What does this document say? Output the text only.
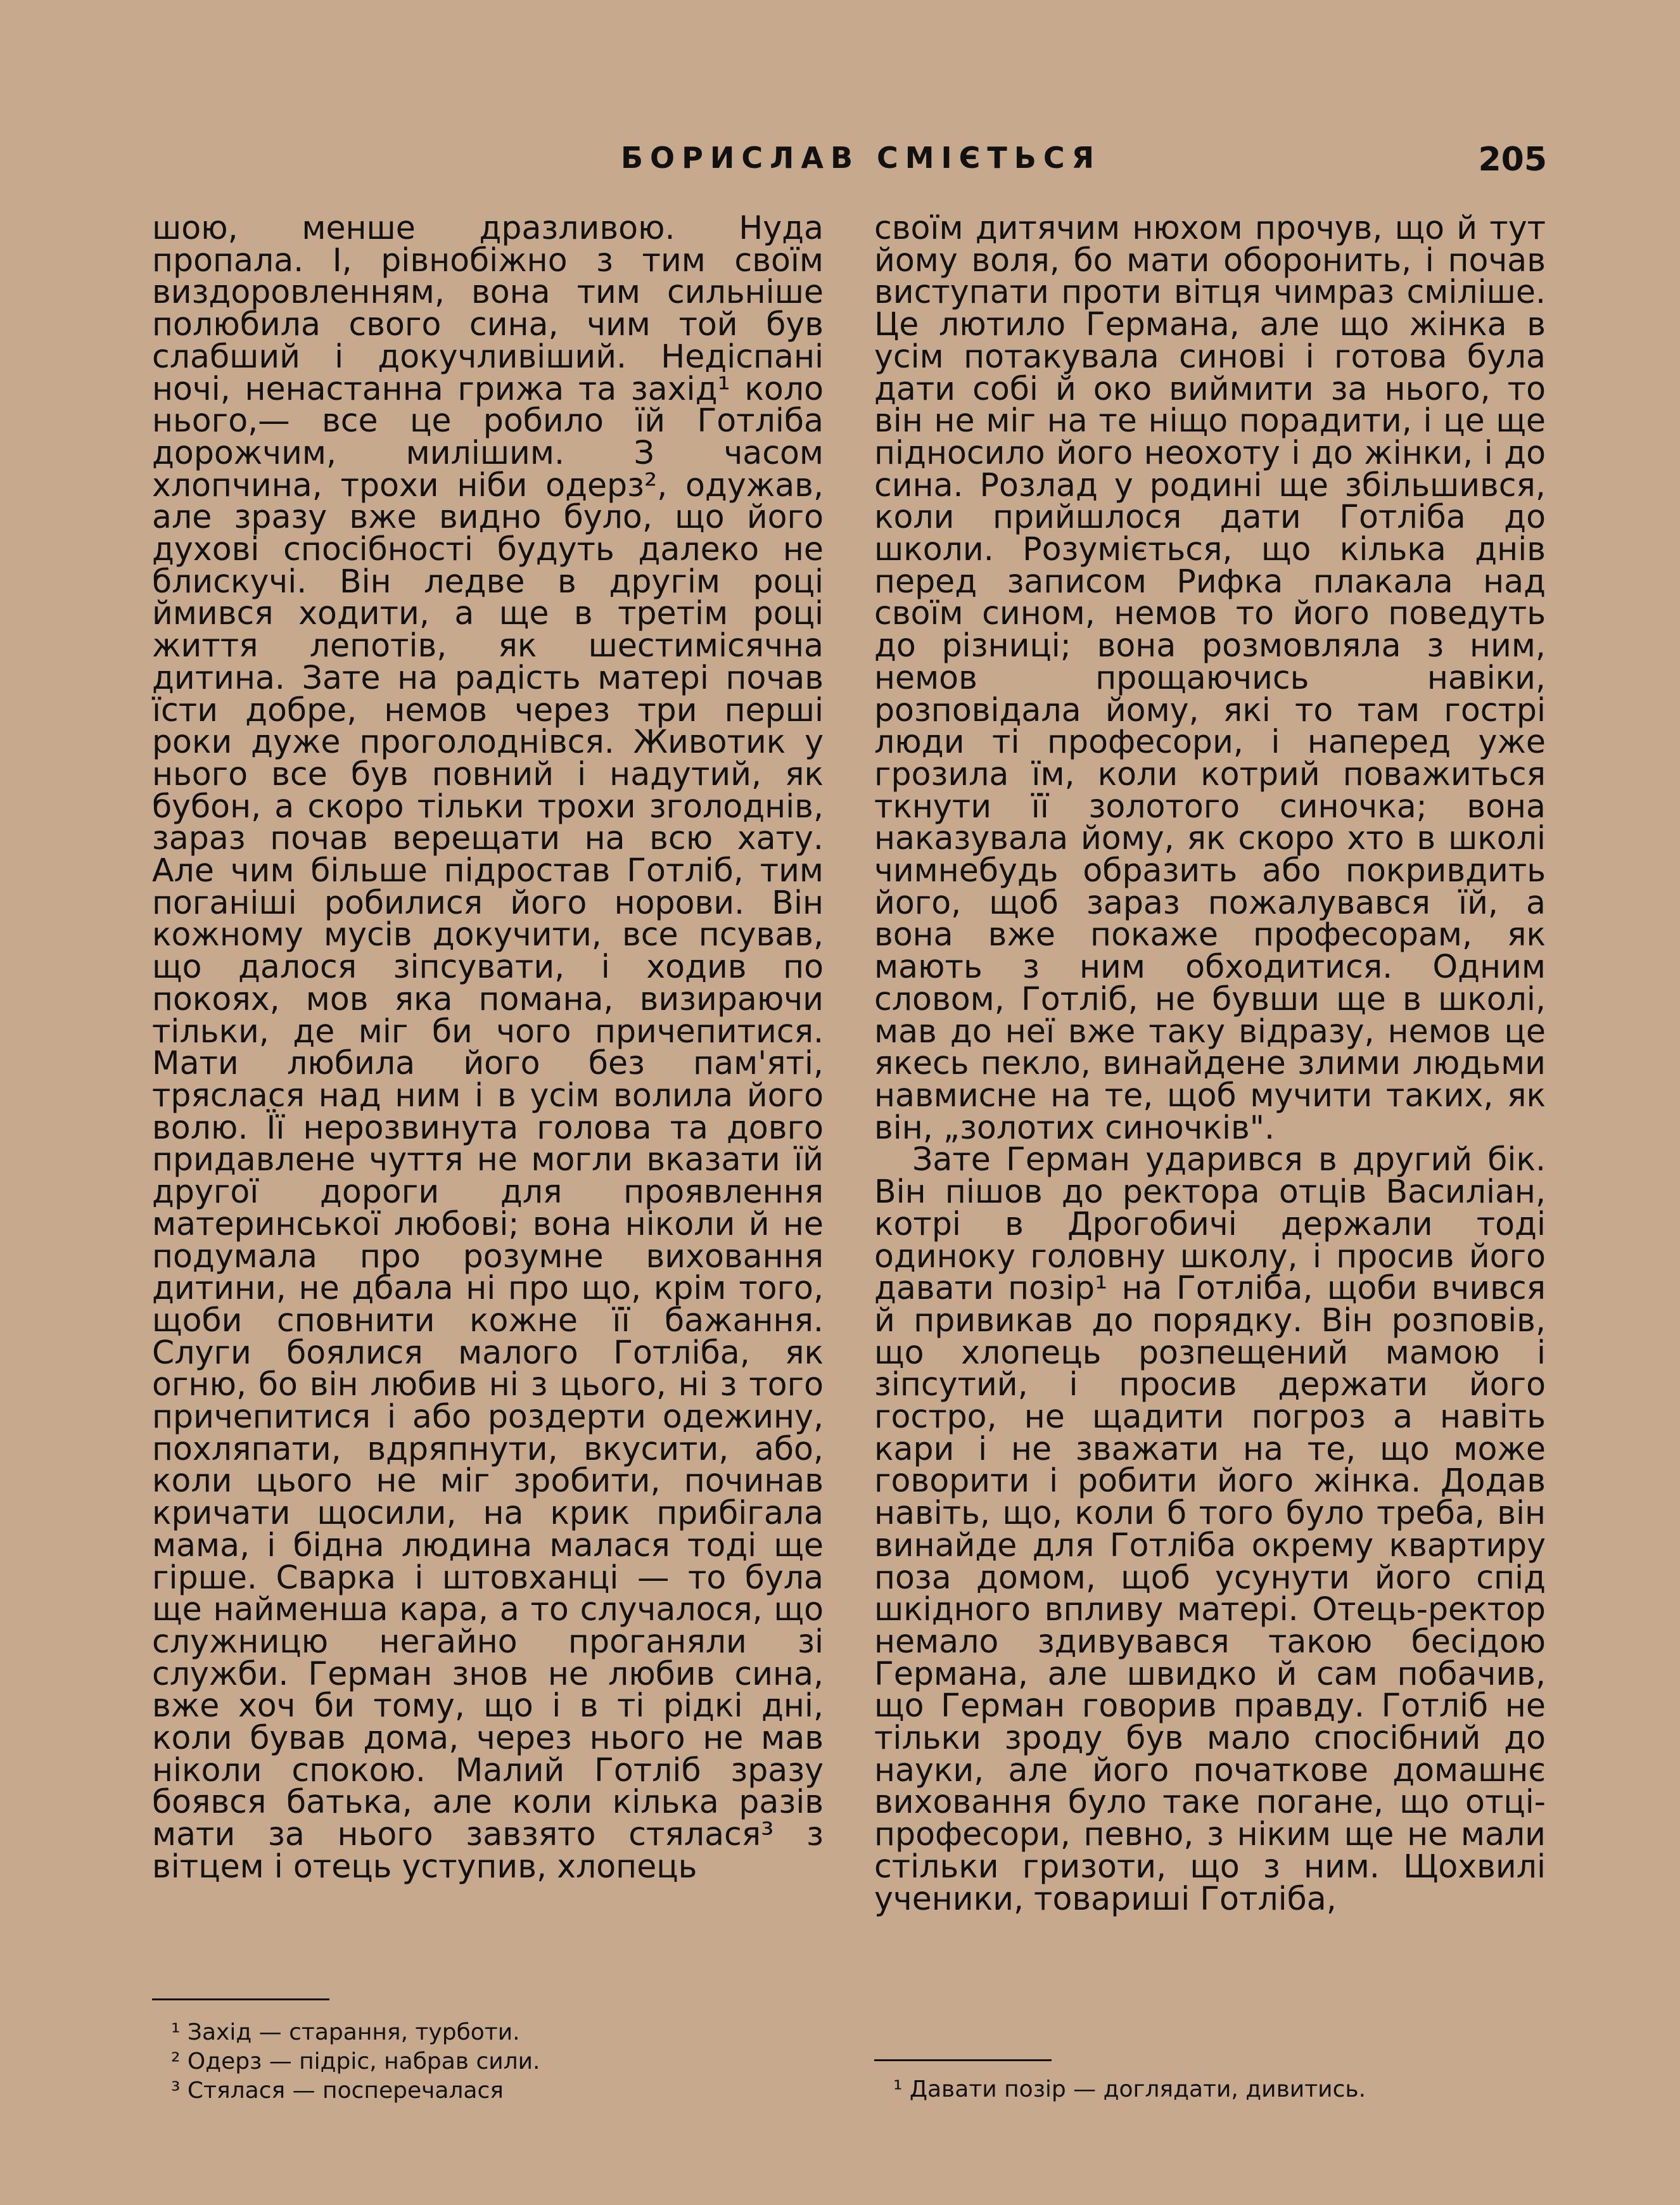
БОРИСЛАВ СМІЄТЬСЯ	205

шою, менше дразливою. Нуда пропала. І, рівнобіжно з тим своїм виздоровленням, вона тим сильніше полюбила свого сина, чим той був слабший і докучливіший. Недіспані ночі, ненастанна грижа та захід¹ коло нього,— все це робило їй Готліба дорожчим, милішим. З часом хлопчина, трохи ніби одерз², одужав, але зразу вже видно було, що його духові спосібності будуть далеко не блискучі. Він ледве в другім році ймився ходити, а ще в третім році життя лепотів, як шестимісячна дитина. Зате на радість матері почав їсти добре, немов через три перші роки дуже проголоднівся. Животик у нього все був повний і надутий, як бубон, а скоро тільки трохи зголоднів, зараз почав верещати на всю хату. Але чим більше підростав Готліб, тим поганіші робилися його норови. Він кожному мусів докучити, все псував, що далося зіпсувати, і ходив по покоях, мов яка помана, визираючи тільки, де міг би чого причепитися. Мати любила його без пам'яті, тряслася над ним і в усім волила його волю. Її нерозвинута голова та довго придавлене чуття не могли вказати їй другої дороги для проявлення материнської любові; вона ніколи й не подумала про розумне виховання дитини, не дбала ні про що, крім того, щоби сповнити кожне її бажання. Слуги боялися малого Готліба, як огню, бо він любив ні з цього, ні з того причепитися і або роздерти одежину, похляпати, вдряпнути, вкусити, або, коли цього не міг зробити, починав кричати щосили, на крик прибігала мама, і бідна людина малася тоді ще гірше. Сварка і штовханці — то була ще найменша кара, а то случалося, що служницю негайно проганяли зі служби. Герман знов не любив сина, вже хоч би тому, що і в ті рідкі дні, коли бував дома, через нього не мав ніколи спокою. Малий Готліб зразу боявся батька, але коли кілька разів мати за нього завзято стялася³ з вітцем і отець уступив, хлопець

своїм дитячим нюхом прочув, що й тут йому воля, бо мати оборонить, і почав виступати проти вітця чимраз сміліше. Це лютило Германа, але що жінка в усім потакувала синові і готова була дати собі й око виймити за нього, то він не міг на те ніщо порадити, і це ще підносило його неохоту і до жінки, і до сина. Розлад у родині ще збільшився, коли прийшлося дати Готліба до школи. Розуміється, що кілька днів перед записом Рифка плакала над своїм сином, немов то його поведуть до різниці; вона розмовляла з ним, немов прощаючись навіки, розповідала йому, які то там гострі люди ті професори, і наперед уже грозила їм, коли котрий поважиться ткнути її золотого синочка; вона наказувала йому, як скоро хто в школі чимнебудь образить або покривдить його, щоб зараз пожалувався їй, а вона вже покаже професорам, як мають з ним обходитися. Одним словом, Готліб, не бувши ще в школі, мав до неї вже таку відразу, немов це якесь пекло, винайдене злими людьми навмисне на те, щоб мучити таких, як він, „золотих синочків".

Зате Герман ударився в другий бік. Він пішов до ректора отців Василіан, котрі в Дрогобичі держали тоді одиноку головну школу, і просив його давати позір¹ на Готліба, щоби вчився й привикав до порядку. Він розповів, що хлопець розпещений мамою і зіпсутий, і просив держати його гостро, не щадити погроз а навіть кари і не зважати на те, що може говорити і робити його жінка. Додав навіть, що, коли б того було треба, він винайде для Готліба окрему квартиру поза домом, щоб усунути його спід шкідного впливу матері. Отець-ректор немало здивувався такою бесідою Германа, але швидко й сам побачив, що Герман говорив правду. Готліб не тільки зроду був мало спосібний до науки, але його початкове домашнє виховання було таке погане, що отці-професори, певно, з ніким ще не мали стільки гризоти, що з ним. Щохвилі ученики, товариші Готліба,

¹ Захід — старання, турботи.
² Одерз — підріс, набрав сили.
³ Стялася — посперечалася	¹ Давати позір — доглядати, дивитись.
